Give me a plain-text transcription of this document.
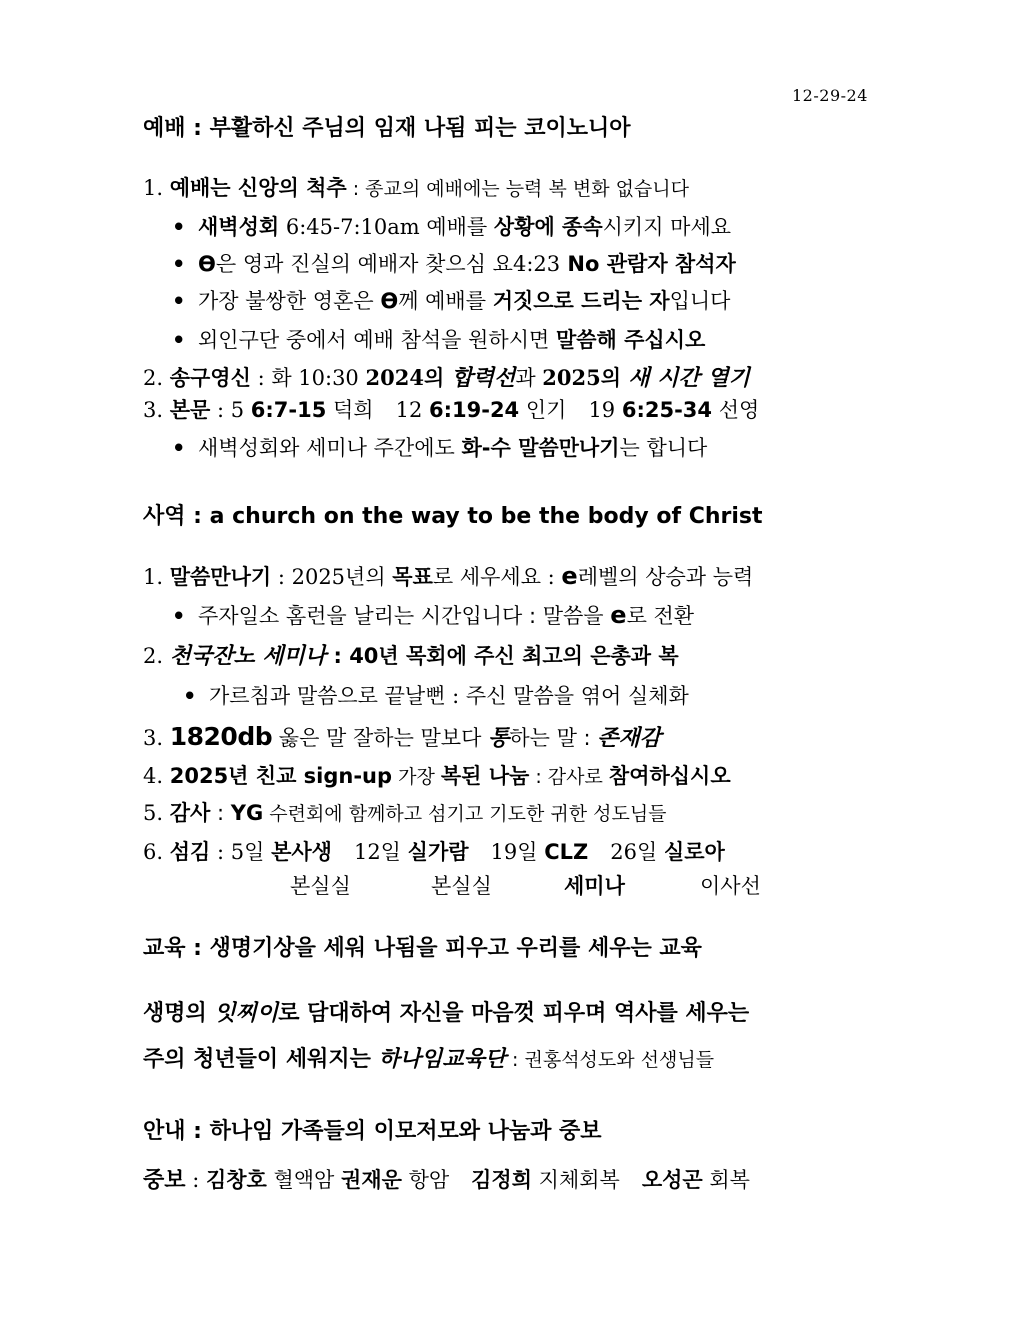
12-29-24
예배 : 부활하신 주님의 임재 나됨 피는 코이노니아
1. 예배는 신앙의 척추 : 종교의 예배에는 능력 복 변화 없습니다
• 새벽성회 6:45-7:10am 예배를 상황에 종속시키지 마세요
• ϴ은 영과 진실의 예배자 찾으심 요4:23 No 관람자 참석자
• 가장 불쌍한 영혼은 ϴ께 예배를 거짓으로 드리는 자입니다
• 외인구단 중에서 예배 참석을 원하시면 말씀해 주십시오
2. 송구영신 : 화 10:30 2024의 합력선과 2025의 새 시간 열기
3. 본문 : 5 6:7-15 덕희 12 6:19-24 인기 19 6:25-34 선영
• 새벽성회와 세미나 주간에도 화-수 말씀만나기는 합니다
사역 : a church on the way to be the body of Christ
1. 말씀만나기 : 2025년의 목표로 세우세요 : e레벨의 상승과 능력
• 주자일소 홈런을 날리는 시간입니다 : 말씀을 e로 전환
2. 천국잔노 세미나 : 40년 목회에 주신 최고의 은총과 복
• 가르침과 말씀으로 끝날뻔 : 주신 말씀을 엮어 실체화
3. 1820db 옳은 말 잘하는 말보다 통하는 말 : 존재감
4. 2025년 친교 sign-up 가장 복된 나눔 : 감사로 참여하십시오
5. 감사 : YG 수련회에 함께하고 섬기고 기도한 귀한 성도님들
6. 섬김 : 5일 본사생 12일 실가람 19일 CLZ 26일 실로아
본실실	본실실	세미나	이사선
교육 : 생명기상을 세워 나됨을 피우고 우리를 세우는 교육
생명의 잇찌이로 담대하여 자신을 마음껏 피우며 역사를 세우는
주의 청년들이 세워지는 하나임교육단 : 권홍석성도와 선생님들
안내 : 하나임 가족들의 이모저모와 나눔과 중보
중보 : 김창호 혈액암 권재운 항암 김정희 지체회복 오성곤 회복
